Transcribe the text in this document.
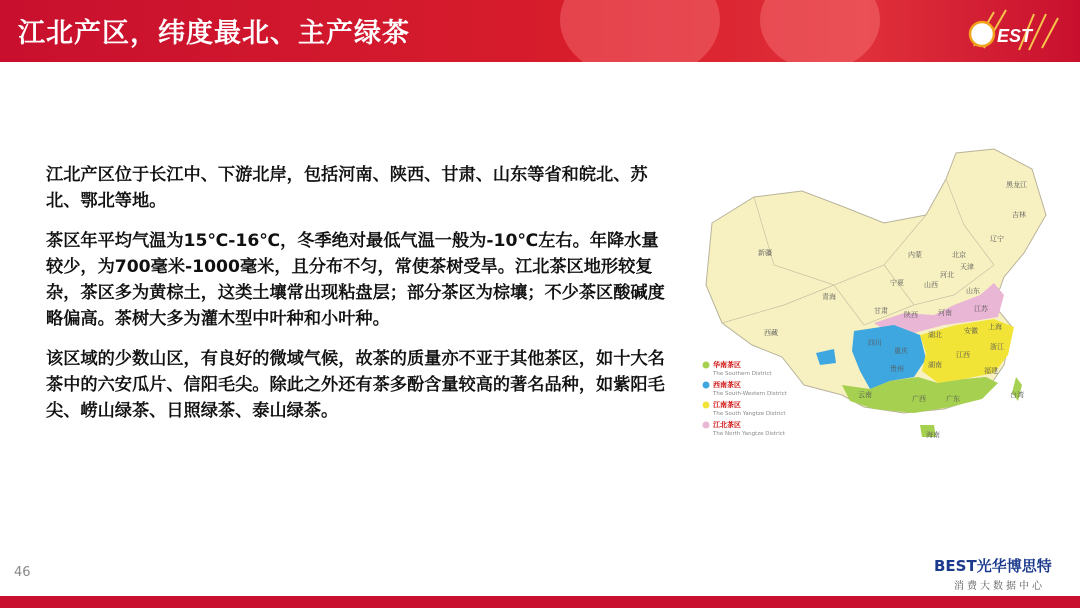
江北产区，纬度最北、主产绿茶	EST

江北产区位于长江中、下游北岸，包括河南、陕西、甘肃、山东等省和皖北、苏北、鄂北等地。

茶区年平均气温为15℃-16℃，冬季绝对最低气温一般为-10℃左右。年降水量较少，为700毫米-1000毫米，且分布不匀，常使茶树受旱。江北茶区地形较复杂，茶区多为黄棕土，这类土壤常出现粘盘层；部分茶区为棕壤；不少茶区酸碱度略偏高。茶树大多为灌木型中叶种和小叶种。

该区域的少数山区，有良好的微域气候，故茶的质量亦不亚于其他茶区，如十大名茶中的六安瓜片、信阳毛尖。除此之外还有茶多酚含量较高的著名品种，如紫阳毛尖、崂山绿茶、日照绿茶、泰山绿茶。

黑龙江
吉林
辽宁
内蒙
新疆	北京
天津
河北
山西
山东
宁夏
青海
甘肃 陕西	河南	江苏
西藏
四川
湖北	安徽 上海
重庆
贵州	湖南
江西
浙江
云南	广西	广东
福建
台湾
海南
华南茶区
The Southern District
西南茶区
The South-Western District
江南茶区
The South Yangtze District
江北茶区
The North Yangtze District
46	BEST光华博思特
消费大数据中心
